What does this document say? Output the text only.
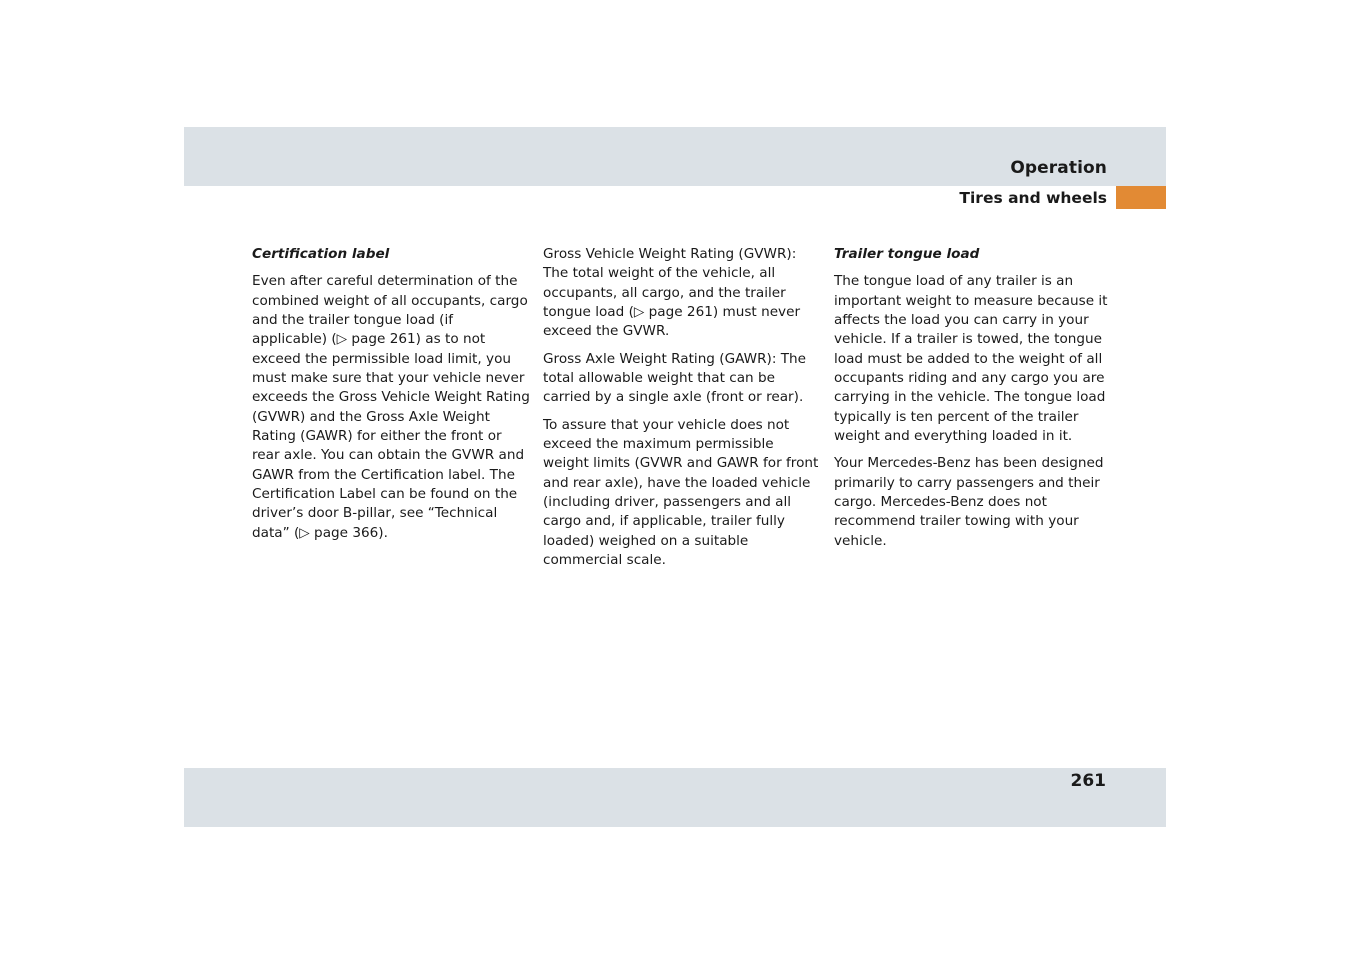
Operation
Tires and wheels
Certification label

Even after careful determination of the combined weight of all occupants, cargo and the trailer tongue load (if applicable) (▷ page 261) as to not exceed the permissible load limit, you must make sure that your vehicle never exceeds the Gross Vehicle Weight Rating (GVWR) and the Gross Axle Weight Rating (GAWR) for either the front or rear axle. You can obtain the GVWR and GAWR from the Certification label. The Certification Label can be found on the driver’s door B-pillar, see “Technical data” (▷ page 366).

Gross Vehicle Weight Rating (GVWR): The total weight of the vehicle, all occupants, all cargo, and the trailer tongue load (▷ page 261) must never exceed the GVWR.

Gross Axle Weight Rating (GAWR): The total allowable weight that can be carried by a single axle (front or rear).

To assure that your vehicle does not exceed the maximum permissible weight limits (GVWR and GAWR for front and rear axle), have the loaded vehicle (including driver, passengers and all cargo and, if applicable, trailer fully loaded) weighed on a suitable commercial scale.

Trailer tongue load

The tongue load of any trailer is an important weight to measure because it affects the load you can carry in your vehicle. If a trailer is towed, the tongue load must be added to the weight of all occupants riding and any cargo you are carrying in the vehicle. The tongue load typically is ten percent of the trailer weight and everything loaded in it.

Your Mercedes-Benz has been designed primarily to carry passengers and their cargo. Mercedes-Benz does not recommend trailer towing with your vehicle.

261
